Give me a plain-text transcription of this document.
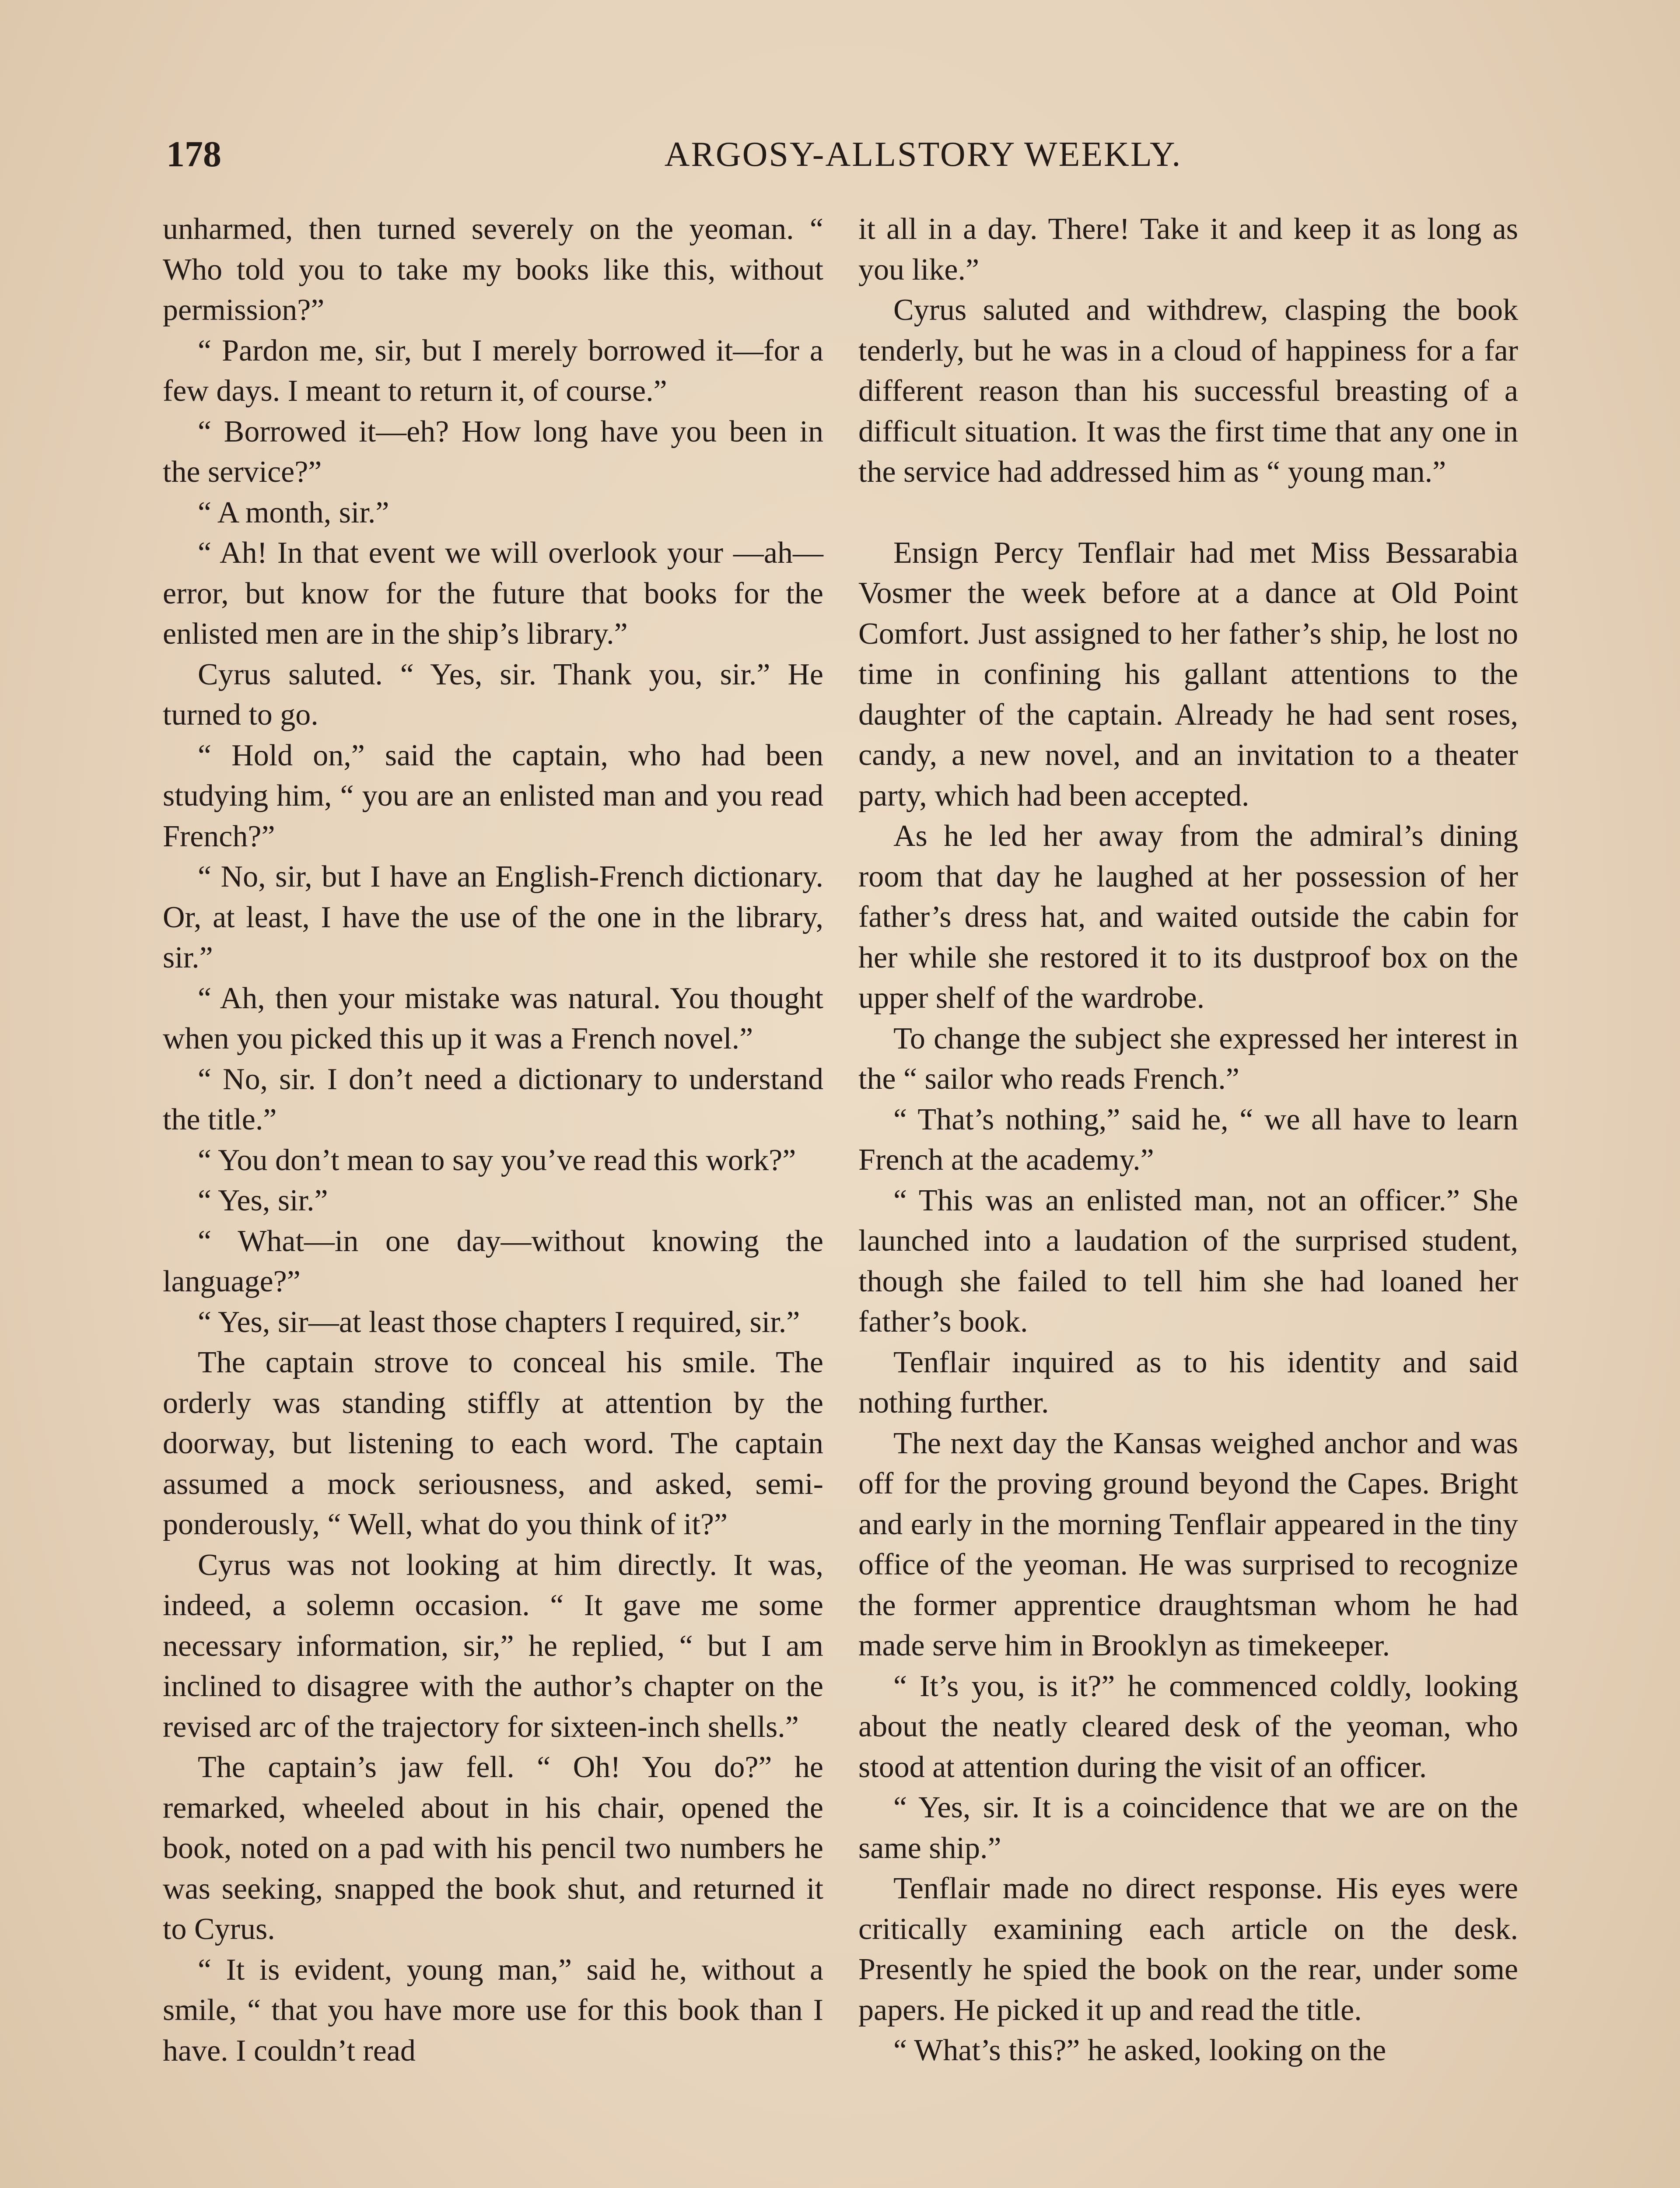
178	ARGOSY-ALLSTORY WEEKLY.

unharmed, then turned severely on the yeoman. “ Who told you to take my books like this, without permission?”

“ Pardon me, sir, but I merely borrowed it—for a few days. I meant to return it, of course.”

“ Borrowed it—eh? How long have you been in the service?”

“ A month, sir.”

“ Ah! In that event we will overlook your —ah—error, but know for the future that books for the enlisted men are in the ship’s library.”

Cyrus saluted. “ Yes, sir. Thank you, sir.” He turned to go.

“ Hold on,” said the captain, who had been studying him, “ you are an enlisted man and you read French?”

“ No, sir, but I have an English-French dictionary. Or, at least, I have the use of the one in the library, sir.”

“ Ah, then your mistake was natural. You thought when you picked this up it was a French novel.”

“ No, sir. I don’t need a dictionary to understand the title.”

“ You don’t mean to say you’ve read this work?”

“ Yes, sir.”

“ What—in one day—without knowing the language?”

“ Yes, sir—at least those chapters I required, sir.”

The captain strove to conceal his smile. The orderly was standing stiffly at attention by the doorway, but listening to each word. The captain assumed a mock seriousness, and asked, semi-ponderously, “ Well, what do you think of it?”

Cyrus was not looking at him directly. It was, indeed, a solemn occasion. “ It gave me some necessary information, sir,” he replied, “ but I am inclined to disagree with the author’s chapter on the revised arc of the trajectory for sixteen-inch shells.”

The captain’s jaw fell. “ Oh! You do?” he remarked, wheeled about in his chair, opened the book, noted on a pad with his pencil two numbers he was seeking, snapped the book shut, and returned it to Cyrus.

“ It is evident, young man,” said he, without a smile, “ that you have more use for this book than I have. I couldn’t read

it all in a day. There! Take it and keep it as long as you like.”

Cyrus saluted and withdrew, clasping the book tenderly, but he was in a cloud of happiness for a far different reason than his successful breasting of a difficult situation. It was the first time that any one in the service had addressed him as “ young man.”

Ensign Percy Tenflair had met Miss Bessarabia Vosmer the week before at a dance at Old Point Comfort. Just assigned to her father’s ship, he lost no time in confining his gallant attentions to the daughter of the captain. Already he had sent roses, candy, a new novel, and an invitation to a theater party, which had been accepted.

As he led her away from the admiral’s dining room that day he laughed at her possession of her father’s dress hat, and waited outside the cabin for her while she restored it to its dustproof box on the upper shelf of the wardrobe.

To change the subject she expressed her interest in the “ sailor who reads French.”

“ That’s nothing,” said he, “ we all have to learn French at the academy.”

“ This was an enlisted man, not an officer.” She launched into a laudation of the surprised student, though she failed to tell him she had loaned her father’s book.

Tenflair inquired as to his identity and said nothing further.

The next day the Kansas weighed anchor and was off for the proving ground beyond the Capes. Bright and early in the morning Tenflair appeared in the tiny office of the yeoman. He was surprised to recognize the former apprentice draughtsman whom he had made serve him in Brooklyn as timekeeper.

“ It’s you, is it?” he commenced coldly, looking about the neatly cleared desk of the yeoman, who stood at attention during the visit of an officer.

“ Yes, sir. It is a coincidence that we are on the same ship.”

Tenflair made no direct response. His eyes were critically examining each article on the desk. Presently he spied the book on the rear, under some papers. He picked it up and read the title.

“ What’s this?” he asked, looking on the
